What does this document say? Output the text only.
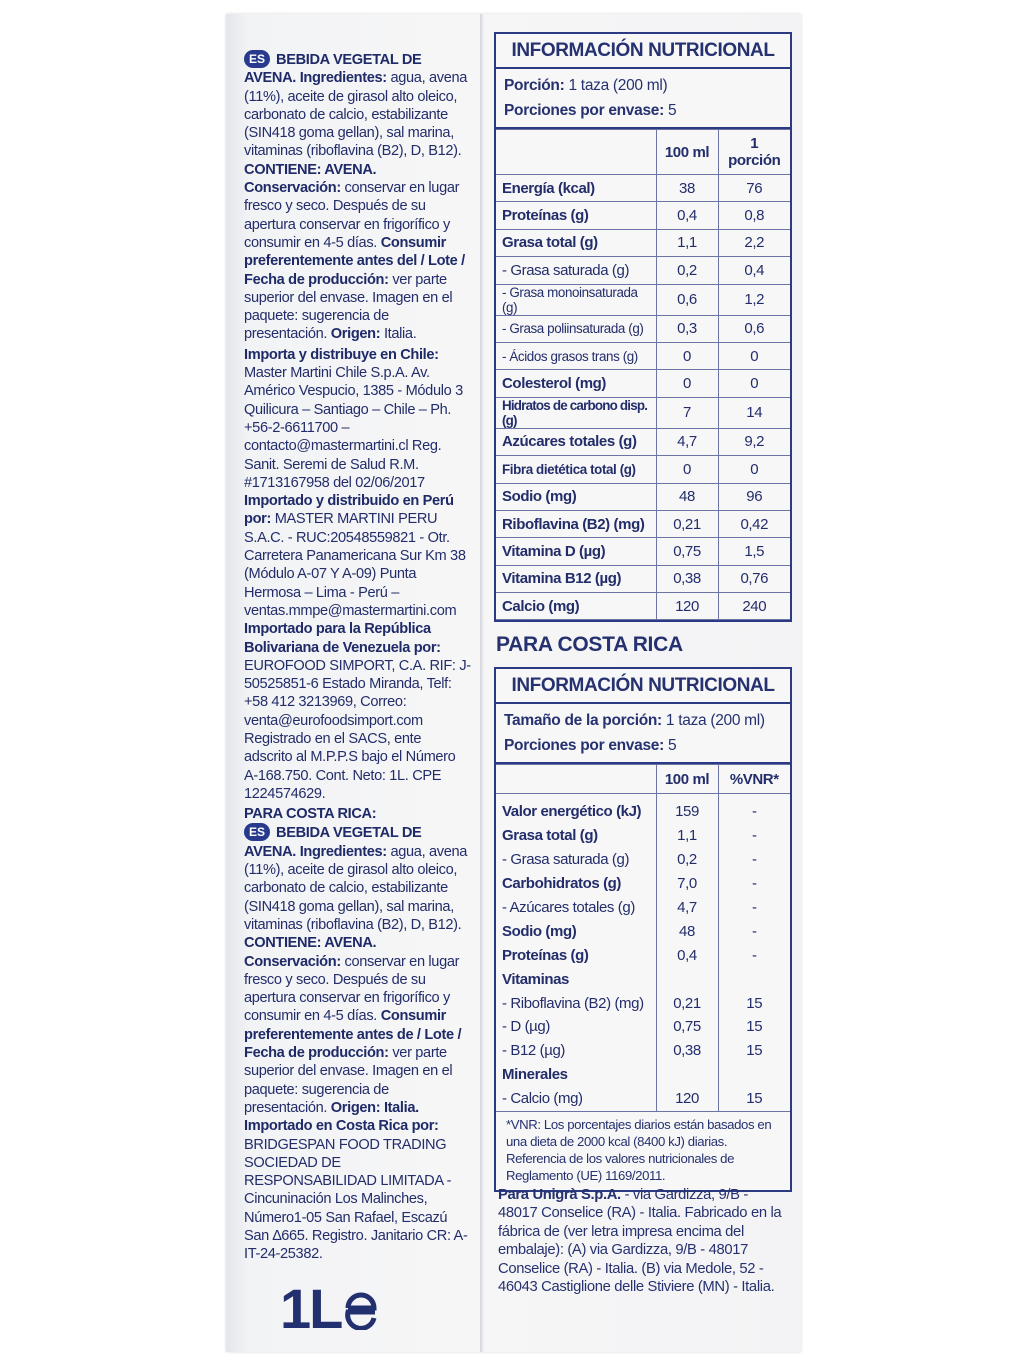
ES BEBIDA VEGETAL DE AVENA. Ingredientes: agua, avena (11%), aceite de girasol alto oleico, carbonato de calcio, estabilizante (SIN418 goma gellan), sal marina, vitaminas (riboflavina (B2), D, B12). CONTIENE: AVENA. Conservación: conservar en lugar fresco y seco. Después de su apertura conservar en frigorífico y consumir en 4-5 días. Consumir preferentemente antes del / Lote / Fecha de producción: ver parte superior del envase. Imagen en el paquete: sugerencia de presentación. Origen: Italia.

Importa y distribuye en Chile: Master Martini Chile S.p.A. Av. Américo Vespucio, 1385 - Módulo 3 Quilicura – Santiago – Chile – Ph. +56-2-6611700 – contacto@mastermartini.cl Reg. Sanit. Seremi de Salud R.M. #1713167958 del 02/06/2017 Importado y distribuido en Perú por: MASTER MARTINI PERU S.A.C. - RUC:20548559821 - Otr. Carretera Panamericana Sur Km 38 (Módulo A-07 Y A-09) Punta Hermosa – Lima - Perú – ventas.mmpe@mastermartini.com Importado para la República Bolivariana de Venezuela por: EUROFOOD SIMPORT, C.A. RIF: J-50525851-6 Estado Miranda, Telf: +58 412 3213969, Correo: venta@eurofoodsimport.com Registrado en el SACS, ente adscrito al M.P.P.S bajo el Número A-168.750. Cont. Neto: 1L. CPE 1224574629.

PARA COSTA RICA:
ES BEBIDA VEGETAL DE AVENA. Ingredientes: agua, avena (11%), aceite de girasol alto oleico, carbonato de calcio, estabilizante (SIN418 goma gellan), sal marina, vitaminas (riboflavina (B2), D, B12). CONTIENE: AVENA. Conservación: conservar en lugar fresco y seco. Después de su apertura conservar en frigorífico y consumir en 4-5 días. Consumir preferentemente antes de / Lote / Fecha de producción: ver parte superior del envase. Imagen en el paquete: sugerencia de presentación. Origen: Italia. Importado en Costa Rica por: BRIDGESPAN FOOD TRADING SOCIEDAD DE RESPONSABILIDAD LIMITADA - Cincuninación Los Malinches, Número1-05 San Rafael, Escazú San ∆665. Registro. Janitario CR: A-IT-24-25382.

1L
INFORMACIÓN NUTRICIONAL
Porción: 1 taza (200 ml)
Porciones por envase: 5
	100 ml	1 porción
Energía (kcal)	38	76
Proteínas (g)	0,4	0,8
Grasa total (g)	1,1	2,2
- Grasa saturada (g)	0,2	0,4
- Grasa monoinsaturada (g)	0,6	1,2
- Grasa poliinsaturada (g)	0,3	0,6
- Ácidos grasos trans (g)	0	0
Colesterol (mg)	0	0
Hidratos de carbono disp. (g)	7	14
Azúcares totales (g)	4,7	9,2
Fibra dietética total (g)	0	0
Sodio (mg)	48	96
Riboflavina (B2) (mg)	0,21	0,42
Vitamina D (µg)	0,75	1,5
Vitamina B12 (µg)	0,38	0,76
Calcio (mg)	120	240
PARA COSTA RICA
INFORMACIÓN NUTRICIONAL
Tamaño de la porción: 1 taza (200 ml)
Porciones por envase: 5
	100 ml	%VNR*
Valor energético (kJ)	159	-
Grasa total (g)	1,1	-
- Grasa saturada (g)	0,2	-
Carbohidratos (g)	7,0	-
- Azúcares totales (g)	4,7	-
Sodio (mg)	48	-
Proteínas (g)	0,4	-
Vitaminas		
- Riboflavina (B2) (mg)	0,21	15
- D (µg)	0,75	15
- B12 (µg)	0,38	15
Minerales		
- Calcio (mg)	120	15
*VNR: Los porcentajes diarios están basados en una dieta de 2000 kcal (8400 kJ) diarias. Referencia de los valores nutricionales de Reglamento (UE) 1169/2011.
Para Unigrà S.p.A. - via Gardizza, 9/B - 48017 Conselice (RA) - Italia. Fabricado en la fábrica de (ver letra impresa encima del embalaje): (A) via Gardizza, 9/B - 48017 Conselice (RA) - Italia. (B) via Medole, 52 - 46043 Castiglione delle Stiviere (MN) - Italia.
